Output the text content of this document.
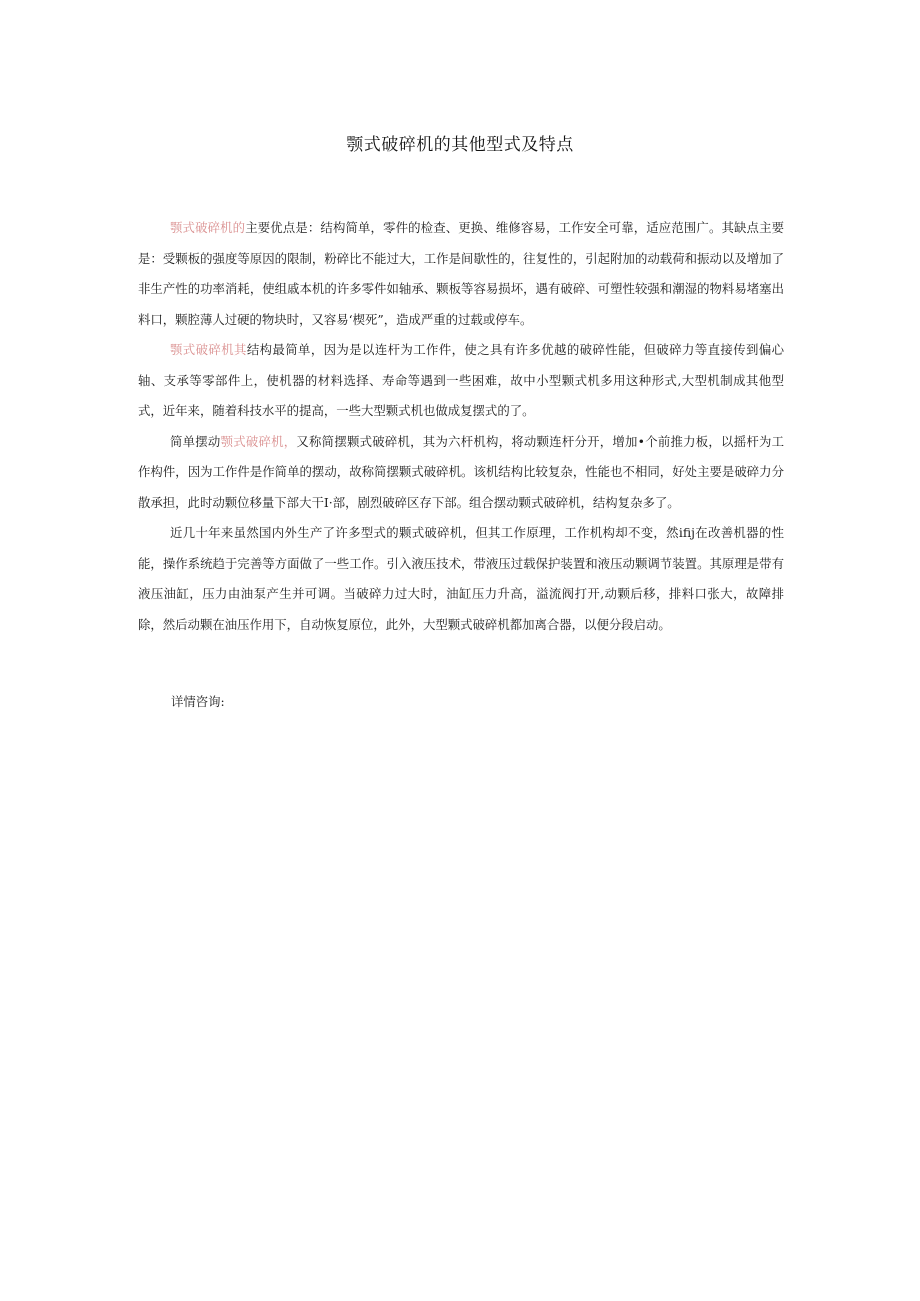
颚式破碎机的其他型式及特点

颚式破碎机的主要优点是：结构简单，零件的检查、更换、维修容易，工作安全可靠，适应范围广。其缺点主要是：受颗板的强度等原因的限制，粉碎比不能过大，工作是间歇性的，往复性的，引起附加的动载荷和振动以及增加了非生产性的功率消耗，使组戚本机的许多零件如轴承、颗板等容易损坏，遇有破碎、可塑性较强和潮湿的物料易堵塞出料口，颗腔薄人过硬的物块时，又容易‘楔死”，造成严重的过载或停车。

颚式破碎机其结构最简单，因为是以连杆为工作件，使之具有许多优越的破碎性能，但破碎力等直接传到偏心轴、支承等零部件上，使机器的材料选择、寿命等遇到一些困难，故中小型颗式机多用这种形式,大型机制成其他型式，近年来，随着科技水平的提高，一些大型颗式机也做成复摆式的了。

简单摆动颚式破碎机，又称简摆颗式破碎机，其为六杆机构，将动颗连杆分开，增加•个前推力板，以摇杆为工作构件，因为工作件是作简单的摆动，故称简摆颗式破碎机。该机结构比较复杂，性能也不相同，好处主要是破碎力分散承担，此时动颗位移量下部大干I·部，剧烈破碎区存下部。组合摆动颗式破碎机，结构复杂多了。

近几十年来虽然国内外生产了许多型式的颗式破碎机，但其工作原理，工作机构却不变，然ifij在改善机器的性能，操作系统趋于完善等方面做了一些工作。引入液压技术，带液压过载保护装置和液压动颗调节装置。其原理是带有液压油缸，压力由油泵产生并可调。当破碎力过大时，油缸压力升高，溢流阀打开,动颗后移，排料口张大，故障排除，然后动颗在油压作用下，自动恢复原位，此外，大型颗式破碎机都加离合器，以便分段启动。

详情咨询:
